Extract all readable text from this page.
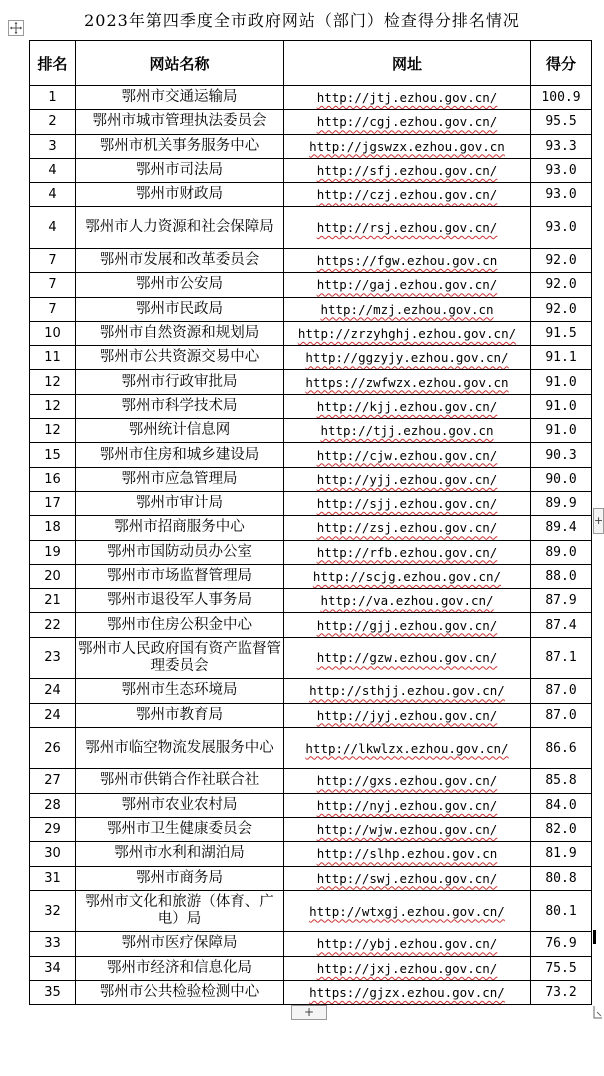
2023年第四季度全市政府网站（部门）检查得分排名情况
排名	网站名称	网址	得分
1	鄂州市交通运输局	http://jtj.ezhou.gov.cn/	100.9
2	鄂州市城市管理执法委员会	http://cgj.ezhou.gov.cn/	95.5
3	鄂州市机关事务服务中心	http://jgswzx.ezhou.gov.cn	93.3
4	鄂州市司法局	http://sfj.ezhou.gov.cn/	93.0
4	鄂州市财政局	http://czj.ezhou.gov.cn/	93.0
4	鄂州市人力资源和社会保障局	http://rsj.ezhou.gov.cn/	93.0
7	鄂州市发展和改革委员会	https://fgw.ezhou.gov.cn	92.0
7	鄂州市公安局	http://gaj.ezhou.gov.cn/	92.0
7	鄂州市民政局	http://mzj.ezhou.gov.cn	92.0
10	鄂州市自然资源和规划局	http://zrzyhghj.ezhou.gov.cn/	91.5
11	鄂州市公共资源交易中心	http://ggzyjy.ezhou.gov.cn/	91.1
12	鄂州市行政审批局	https://zwfwzx.ezhou.gov.cn	91.0
12	鄂州市科学技术局	http://kjj.ezhou.gov.cn/	91.0
12	鄂州统计信息网	http://tjj.ezhou.gov.cn	91.0
15	鄂州市住房和城乡建设局	http://cjw.ezhou.gov.cn/	90.3
16	鄂州市应急管理局	http://yjj.ezhou.gov.cn/	90.0
17	鄂州市审计局	http://sjj.ezhou.gov.cn/	89.9
18	鄂州市招商服务中心	http://zsj.ezhou.gov.cn/	89.4
19	鄂州市国防动员办公室	http://rfb.ezhou.gov.cn/	89.0
20	鄂州市市场监督管理局	http://scjg.ezhou.gov.cn/	88.0
21	鄂州市退役军人事务局	http://va.ezhou.gov.cn/	87.9
22	鄂州市住房公积金中心	http://gjj.ezhou.gov.cn/	87.4
23	鄂州市人民政府国有资产监督管理委员会	http://gzw.ezhou.gov.cn/	87.1
24	鄂州市生态环境局	http://sthjj.ezhou.gov.cn/	87.0
24	鄂州市教育局	http://jyj.ezhou.gov.cn/	87.0
26	鄂州市临空物流发展服务中心	http://lkwlzx.ezhou.gov.cn/	86.6
27	鄂州市供销合作社联合社	http://gxs.ezhou.gov.cn/	85.8
28	鄂州市农业农村局	http://nyj.ezhou.gov.cn/	84.0
29	鄂州市卫生健康委员会	http://wjw.ezhou.gov.cn/	82.0
30	鄂州市水利和湖泊局	http://slhp.ezhou.gov.cn	81.9
31	鄂州市商务局	http://swj.ezhou.gov.cn/	80.8
32	鄂州市文化和旅游（体育、广电）局	http://wtxgj.ezhou.gov.cn/	80.1
33	鄂州市医疗保障局	http://ybj.ezhou.gov.cn/	76.9
34	鄂州市经济和信息化局	http://jxj.ezhou.gov.cn/	75.5
35	鄂州市公共检验检测中心	https://gjzx.ezhou.gov.cn/	73.2
+
+
